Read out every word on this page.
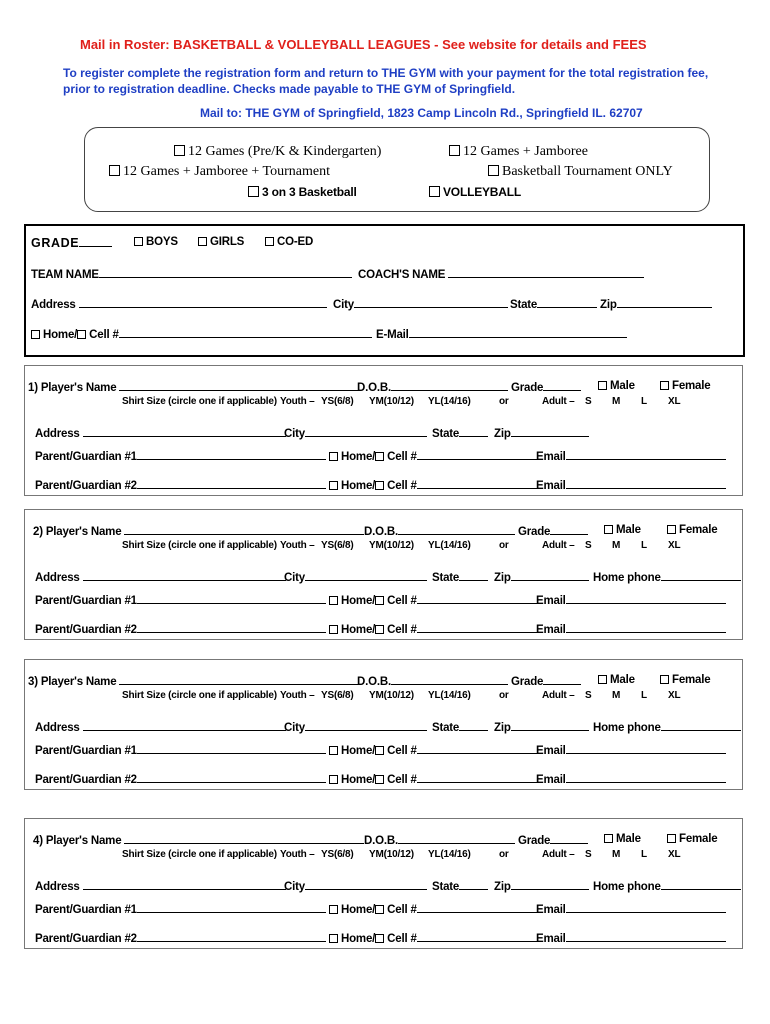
Mail in Roster: BASKETBALL & VOLLEYBALL LEAGUES - See website for details and FEES
To register complete the registration form and return to THE GYM with your payment for the total registration fee,
prior to registration deadline. Checks made payable to THE GYM of Springfield.
Mail to: THE GYM of Springfield, 1823 Camp Lincoln Rd., Springfield IL. 62707
12 Games (Pre/K & Kindergarten)	12 Games + Jamboree
12 Games + Jamboree + Tournament	Basketball Tournament ONLY
3 on 3 Basketball	VOLLEYBALL
GRADE	BOYS	GIRLS	CO-ED
TEAM NAME	COACH'S NAME
Address	City	State	Zip
Home/ Cell #	E-Mail
1) Player's Name	D.O.B.	Grade	Male	Female
Shirt Size (circle one if applicable) Youth – YS(6/8) YM(10/12) YL(14/16)	or	Adult – S M L XL
Address	City	State	Zip
Parent/Guardian #1	Home/ Cell #	Email
Parent/Guardian #2	Home/ Cell #	Email
2) Player's Name	D.O.B.	Grade	Male	Female
Shirt Size (circle one if applicable) Youth – YS(6/8) YM(10/12) YL(14/16)	or	Adult – S M L XL
Address	City	State	Zip	Home phone
Parent/Guardian #1	Home/ Cell #	Email
Parent/Guardian #2	Home/ Cell #	Email
3) Player's Name	D.O.B.	Grade	Male	Female
Shirt Size (circle one if applicable) Youth – YS(6/8) YM(10/12) YL(14/16)	or	Adult – S M L XL
Address	City	State	Zip	Home phone
Parent/Guardian #1	Home/ Cell #	Email
Parent/Guardian #2	Home/ Cell #	Email
4) Player's Name	D.O.B.	Grade	Male	Female
Shirt Size (circle one if applicable) Youth – YS(6/8) YM(10/12) YL(14/16)	or	Adult – S M L XL
Address	City	State	Zip	Home phone
Parent/Guardian #1	Home/ Cell #	Email
Parent/Guardian #2	Home/ Cell #	Email
